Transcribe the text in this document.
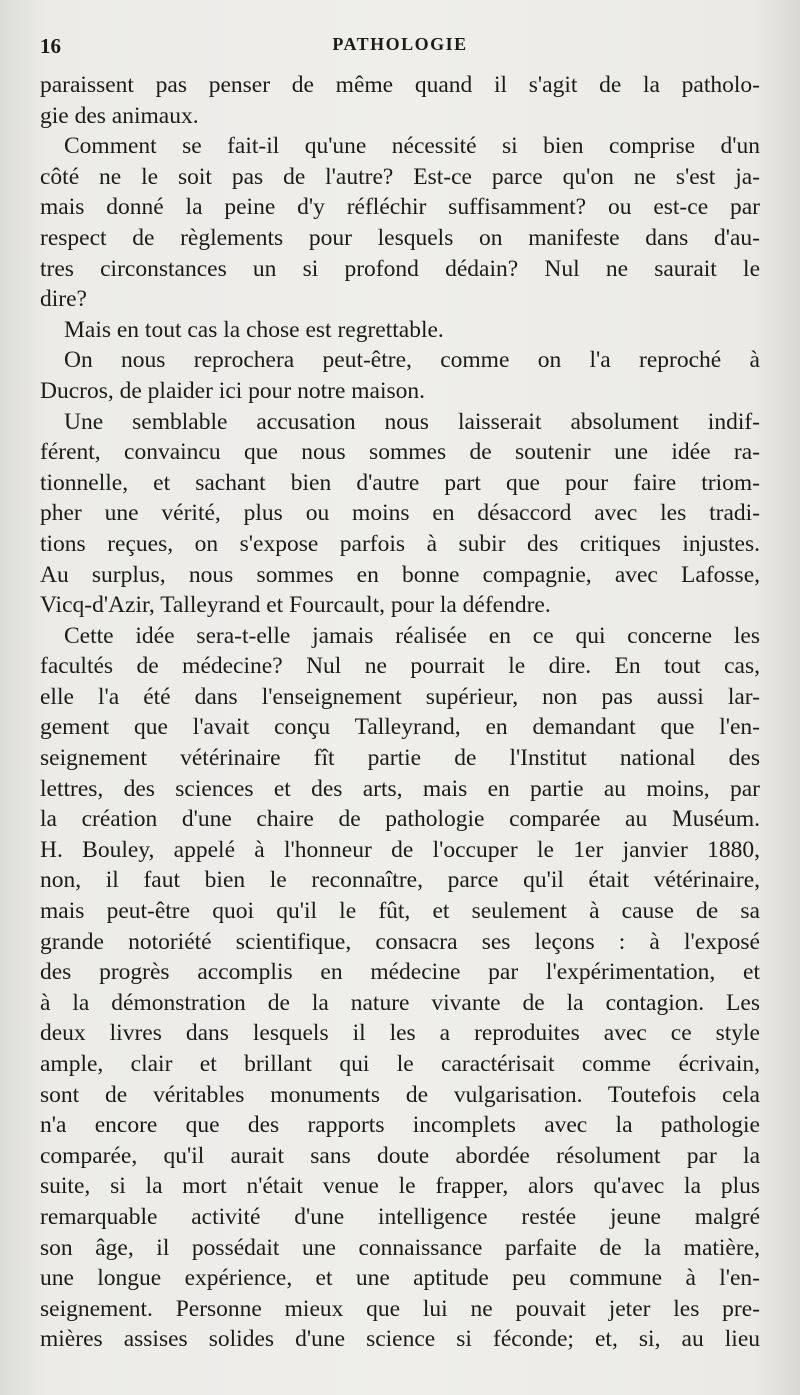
16	PATHOLOGIE
paraissent pas penser de même quand il s'agit de la patholo-
gie des animaux.
Comment se fait-il qu'une nécessité si bien comprise d'un
côté ne le soit pas de l'autre? Est-ce parce qu'on ne s'est ja-
mais donné la peine d'y réfléchir suffisamment? ou est-ce par
respect de règlements pour lesquels on manifeste dans d'au-
tres circonstances un si profond dédain? Nul ne saurait le
dire?
Mais en tout cas la chose est regrettable.
On nous reprochera peut-être, comme on l'a reproché à
Ducros, de plaider ici pour notre maison.
Une semblable accusation nous laisserait absolument indif-
férent, convaincu que nous sommes de soutenir une idée ra-
tionnelle, et sachant bien d'autre part que pour faire triom-
pher une vérité, plus ou moins en désaccord avec les tradi-
tions reçues, on s'expose parfois à subir des critiques injustes.
Au surplus, nous sommes en bonne compagnie, avec Lafosse,
Vicq-d'Azir, Talleyrand et Fourcault, pour la défendre.
Cette idée sera-t-elle jamais réalisée en ce qui concerne les
facultés de médecine? Nul ne pourrait le dire. En tout cas,
elle l'a été dans l'enseignement supérieur, non pas aussi lar-
gement que l'avait conçu Talleyrand, en demandant que l'en-
seignement vétérinaire fît partie de l'Institut national des
lettres, des sciences et des arts, mais en partie au moins, par
la création d'une chaire de pathologie comparée au Muséum.
H. Bouley, appelé à l'honneur de l'occuper le 1er janvier 1880,
non, il faut bien le reconnaître, parce qu'il était vétérinaire,
mais peut-être quoi qu'il le fût, et seulement à cause de sa
grande notoriété scientifique, consacra ses leçons : à l'exposé
des progrès accomplis en médecine par l'expérimentation, et
à la démonstration de la nature vivante de la contagion. Les
deux livres dans lesquels il les a reproduites avec ce style
ample, clair et brillant qui le caractérisait comme écrivain,
sont de véritables monuments de vulgarisation. Toutefois cela
n'a encore que des rapports incomplets avec la pathologie
comparée, qu'il aurait sans doute abordée résolument par la
suite, si la mort n'était venue le frapper, alors qu'avec la plus
remarquable activité d'une intelligence restée jeune malgré
son âge, il possédait une connaissance parfaite de la matière,
une longue expérience, et une aptitude peu commune à l'en-
seignement. Personne mieux que lui ne pouvait jeter les pre-
mières assises solides d'une science si féconde; et, si, au lieu
